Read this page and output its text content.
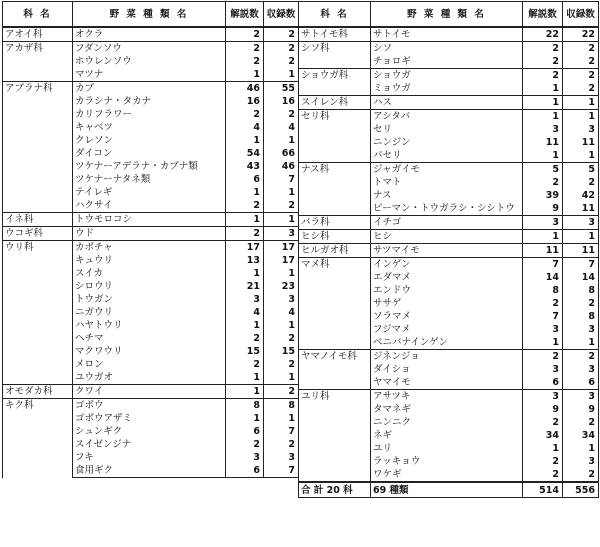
科 名	野 菜 種 類 名	解説数	収録数
アオイ科	オクラ	2	2
アカザ科	フダンソウ	2	2
	ホウレンソウ	2	2
	マツナ	1	1
アブラナ科	カブ	46	55
	カラシナ・タカナ	16	16
	カリフラワー	2	2
	キャベツ	4	4
	クレソン	1	1
	ダイコン	54	66
	ツケナーアデラナ・カブナ類	43	46
	ツケナーナタネ類	6	7
	テイレギ	1	1
	ハクサイ	2	2
イネ科	トウモロコシ	1	1
ウコギ科	ウド	2	3
ウリ科	カボチャ	17	17
	キュウリ	13	17
	スイカ	1	1
	シロウリ	21	23
	トウガン	3	3
	ニガウリ	4	4
	ハヤトウリ	1	1
	ヘチマ	2	2
	マクワウリ	15	15
	メロン	2	2
	ユウガオ	1	1
オモダカ科	クワイ	1	2
キク科	ゴボウ	8	8
	ゴボウアザミ	1	1
	シュンギク	6	7
	スイゼンジナ	2	2
	フキ	3	3
	食用ギク	6	7
科 名	野 菜 種 類 名	解説数	収録数
サトイモ科	サトイモ	22	22
シソ科	シソ	2	2
	チョロギ	2	2
ショウガ科	ショウガ	2	2
	ミョウガ	1	2
スイレン科	ハス	1	1
セリ科	アシタバ	1	1
	セリ	3	3
	ニンジン	11	11
	パセリ	1	1
ナス科	ジャガイモ	5	5
	トマト	2	2
	ナス	39	42
	ピーマン・トウガラシ・シシトウ	9	11
バラ科	イチゴ	3	3
ヒシ科	ヒシ	1	1
ヒルガオ科	サツマイモ	11	11
マメ科	インゲン	7	7
	エダマメ	14	14
	エンドウ	8	8
	ササゲ	2	2
	ソラマメ	7	8
	フジマメ	3	3
	ベニバナインゲン	1	1
ヤマノイモ科	ジネンジョ	2	2
	ダイショ	3	3
	ヤマイモ	6	6
ユリ科	アサツキ	3	3
	タマネギ	9	9
	ニンニク	2	2
	ネギ	34	34
	ユリ	1	1
	ラッキョウ	2	3
	ワケギ	2	2
合 計 20 科	69 種類	514	556
